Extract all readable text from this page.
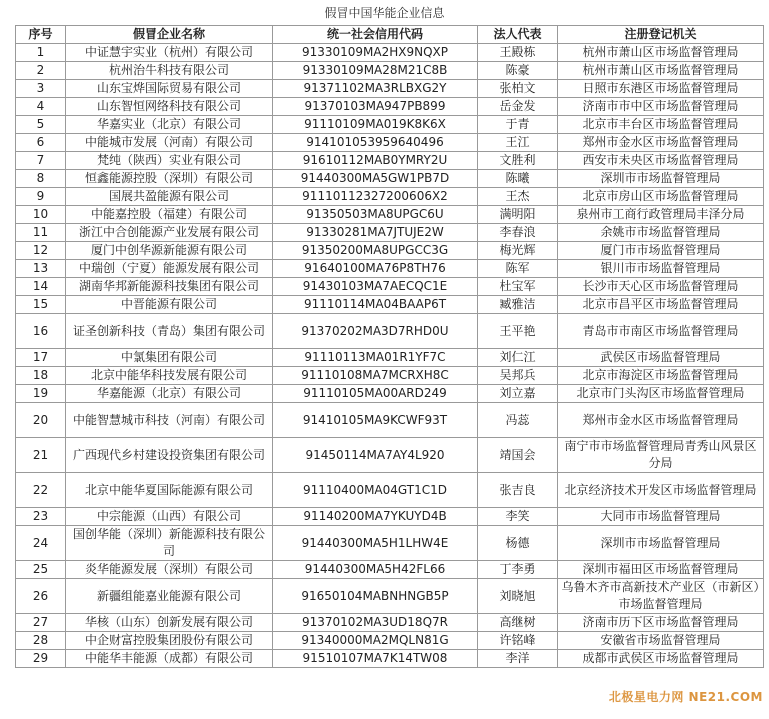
假冒中国华能企业信息
序号	假冒企业名称	统一社会信用代码	法人代表	注册登记机关
1	中证慧宇实业（杭州）有限公司	91330109MA2HX9NQXP	王殿栋	杭州市萧山区市场监督管理局
2	杭州治牛科技有限公司	91330109MA28M21C8B	陈豪	杭州市萧山区市场监督管理局
3	山东宝烨国际贸易有限公司	91371102MA3RLBXG2Y	张柏文	日照市东港区市场监督管理局
4	山东智恒网络科技有限公司	91370103MA947PB899	岳金发	济南市市中区市场监督管理局
5	华嘉实业（北京）有限公司	91110109MA019K8K6X	于青	北京市丰台区市场监督管理局
6	中能城市发展（河南）有限公司	914101053959640496	王江	郑州市金水区市场监督管理局
7	梵纯（陕西）实业有限公司	91610112MAB0YMRY2U	文胜利	西安市未央区市场监督管理局
8	恒鑫能源控股（深圳）有限公司	91440300MA5GW1PB7D	陈曦	深圳市市场监督管理局
9	国展共盈能源有限公司	91110112327200606X2	王杰	北京市房山区市场监督管理局
10	中能嘉控股（福建）有限公司	91350503MA8UPGC6U	满明阳	泉州市工商行政管理局丰泽分局
11	浙江中合创能源产业发展有限公司	91330281MA7JTUJE2W	李春浪	余姚市市场监督管理局
12	厦门中创华源新能源有限公司	91350200MA8UPGCC3G	梅光辉	厦门市市场监督管理局
13	中瑞创（宁夏）能源发展有限公司	91640100MA76P8TH76	陈军	银川市市场监督管理局
14	湖南华邦新能源科技集团有限公司	91430103MA7AECQC1E	杜宝军	长沙市天心区市场监督管理局
15	中晋能源有限公司	91110114MA04BAAP6T	臧雅洁	北京市昌平区市场监督管理局
16	证圣创新科技（青岛）集团有限公司	91370202MA3D7RHD0U	王平艳	青岛市市南区市场监督管理局
17	中氯集团有限公司	91110113MA01R1YF7C	刘仁江	武侯区市场监督管理局
18	北京中能华科技发展有限公司	91110108MA7MCRXH8C	吴邦兵	北京市海淀区市场监督管理局
19	华嘉能源（北京）有限公司	91110105MA00ARD249	刘立嘉	北京市门头沟区市场监督管理局
20	中能智慧城市科技（河南）有限公司	91410105MA9KCWF93T	冯蕊	郑州市金水区市场监督管理局
21	广西现代乡村建设投资集团有限公司	91450114MA7AY4L920	靖国会	南宁市市场监督管理局青秀山风景区分局
22	北京中能华夏国际能源有限公司	91110400MA04GT1C1D	张吉良	北京经济技术开发区市场监督管理局
23	中宗能源（山西）有限公司	91140200MA7YKUYD4B	李笑	大同市市场监督管理局
24	国创华能（深圳）新能源科技有限公司	91440300MA5H1LHW4E	杨德	深圳市市场监督管理局
25	炎华能源发展（深圳）有限公司	91440300MA5H42FL66	丁李勇	深圳市福田区市场监督管理局
26	新疆组能嘉业能源有限公司	91650104MABNHNGB5P	刘晓旭	乌鲁木齐市高新技术产业区（市新区）市场监督管理局
27	华核（山东）创新发展有限公司	91370102MA3UD18Q7R	高继树	济南市历下区市场监督管理局
28	中企财富控股集团股份有限公司	91340000MA2MQLN81G	许铭峰	安徽省市场监督管理局
29	中能华丰能源（成都）有限公司	91510107MA7K14TW08	李洋	成都市武侯区市场监督管理局
北极星电力网 NE21.COM
